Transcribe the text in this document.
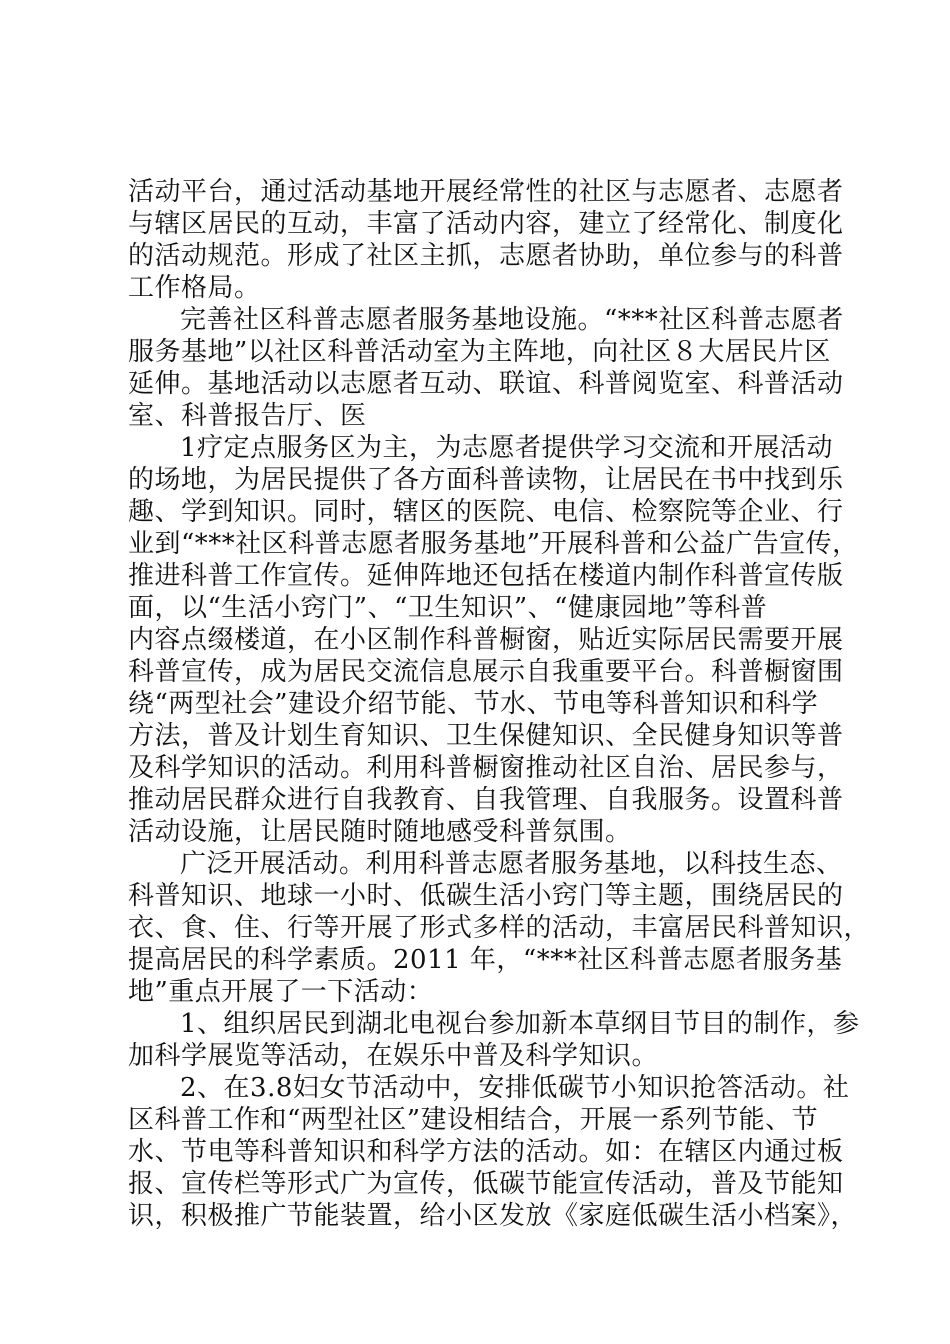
活动平台，通过活动基地开展经常性的社区与志愿者、志愿者

与辖区居民的互动，丰富了活动内容，建立了经常化、制度化

的活动规范。形成了社区主抓，志愿者协助，单位参与的科普

工作格局。

完善社区科普志愿者服务基地设施。“***社区科普志愿者

服务基地”以社区科普活动室为主阵地，向社区８大居民片区

延伸。基地活动以志愿者互动、联谊、科普阅览室、科普活动

室、科普报告厅、医

1疗定点服务区为主，为志愿者提供学习交流和开展活动

的场地，为居民提供了各方面科普读物，让居民在书中找到乐

趣、学到知识。同时，辖区的医院、电信、检察院等企业、行

业到“***社区科普志愿者服务基地”开展科普和公益广告宣传，

推进科普工作宣传。延伸阵地还包括在楼道内制作科普宣传版

面，以“生活小窍门”、“卫生知识”、“健康园地”等科普

内容点缀楼道，在小区制作科普橱窗，贴近实际居民需要开展

科普宣传，成为居民交流信息展示自我重要平台。科普橱窗围

绕“两型社会”建设介绍节能、节水、节电等科普知识和科学

方法，普及计划生育知识、卫生保健知识、全民健身知识等普

及科学知识的活动。利用科普橱窗推动社区自治、居民参与，

推动居民群众进行自我教育、自我管理、自我服务。设置科普

活动设施，让居民随时随地感受科普氛围。

广泛开展活动。利用科普志愿者服务基地，以科技生态、

科普知识、地球一小时、低碳生活小窍门等主题，围绕居民的

衣、食、住、行等开展了形式多样的活动，丰富居民科普知识，

提高居民的科学素质。2011 年，“***社区科普志愿者服务基

地”重点开展了一下活动：

1、组织居民到湖北电视台参加新本草纲目节目的制作，参

加科学展览等活动，在娱乐中普及科学知识。

2、在3.8妇女节活动中，安排低碳节小知识抢答活动。社

区科普工作和“两型社区”建设相结合，开展一系列节能、节

水、节电等科普知识和科学方法的活动。如：在辖区内通过板

报、宣传栏等形式广为宣传，低碳节能宣传活动，普及节能知

识，积极推广节能装置，给小区发放《家庭低碳生活小档案》，
